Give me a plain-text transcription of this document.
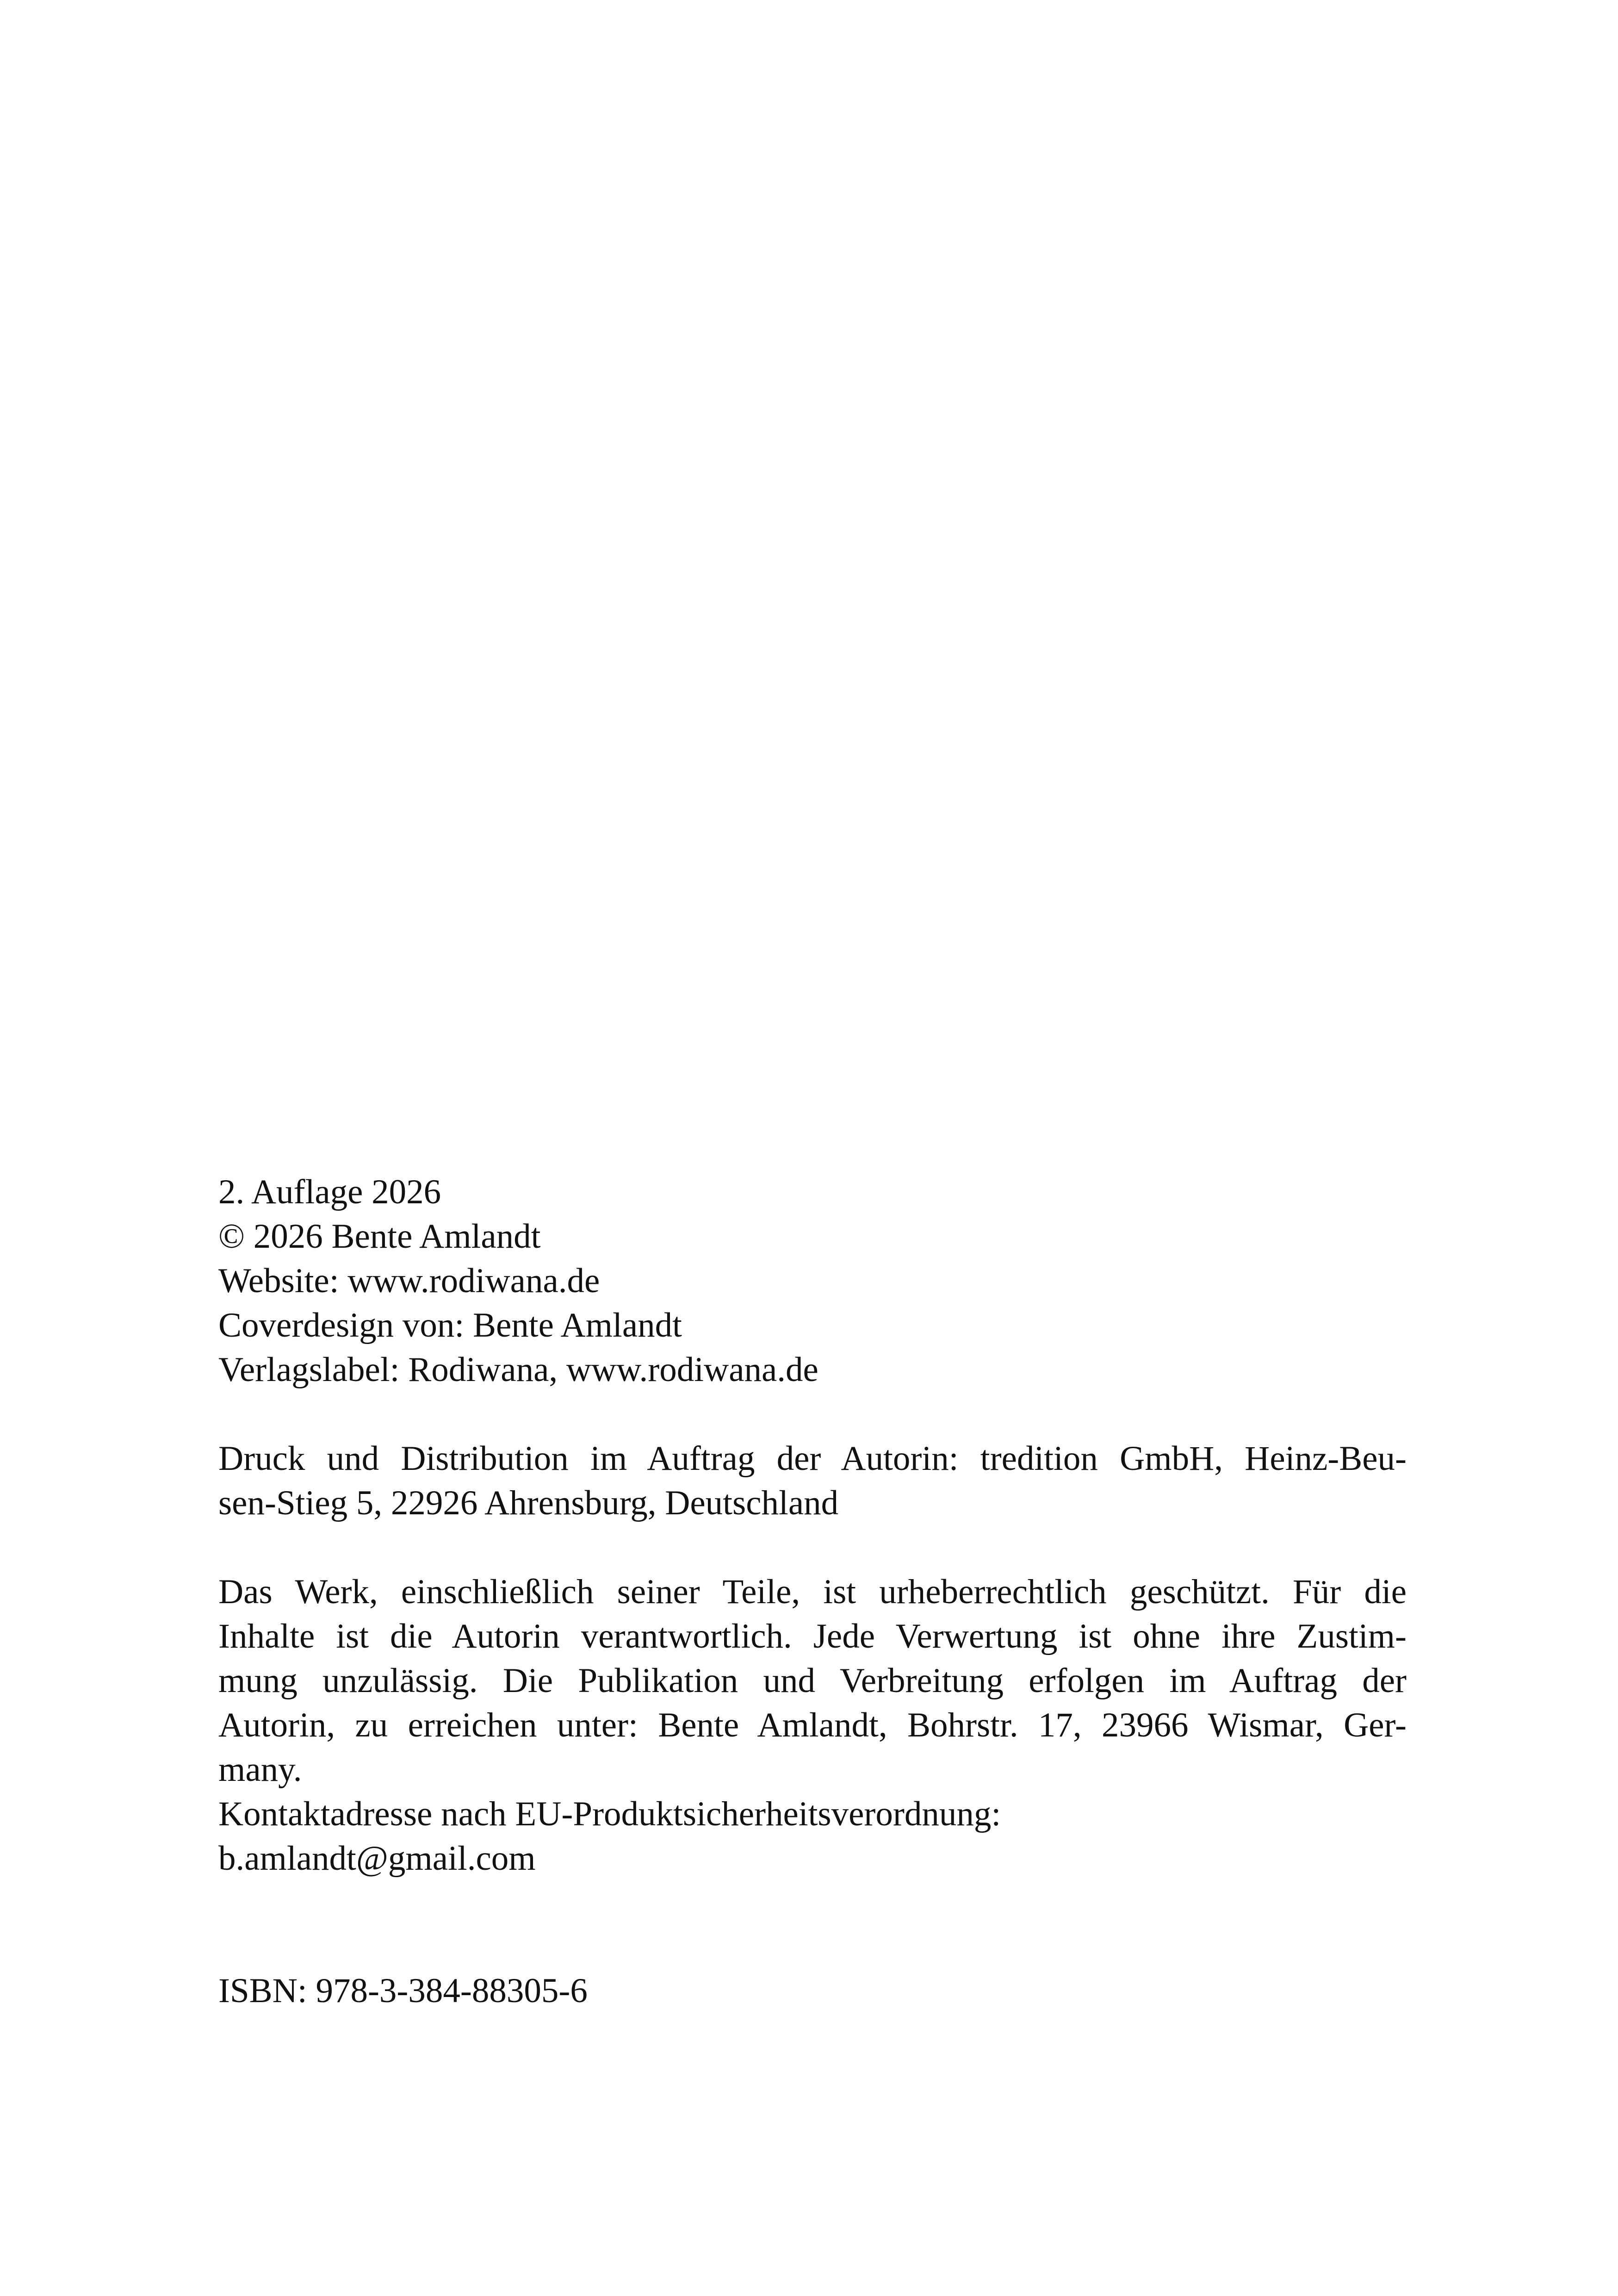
2. Auflage 2026
© 2026 Bente Amlandt
Website: www.rodiwana.de
Coverdesign von: Bente Amlandt
Verlagslabel: Rodiwana, www.rodiwana.de
Druck und Distribution im Auftrag der Autorin: tredition GmbH, Heinz-Beu-
sen-Stieg 5, 22926 Ahrensburg, Deutschland
Das Werk, einschließlich seiner Teile, ist urheberrechtlich geschützt. Für die
Inhalte ist die Autorin verantwortlich. Jede Verwertung ist ohne ihre Zustim-
mung unzulässig. Die Publikation und Verbreitung erfolgen im Auftrag der
Autorin, zu erreichen unter: Bente Amlandt, Bohrstr. 17, 23966 Wismar, Ger-
many.
Kontaktadresse nach EU-Produktsicherheitsverordnung:
b.amlandt@gmail.com
ISBN: 978-3-384-88305-6
